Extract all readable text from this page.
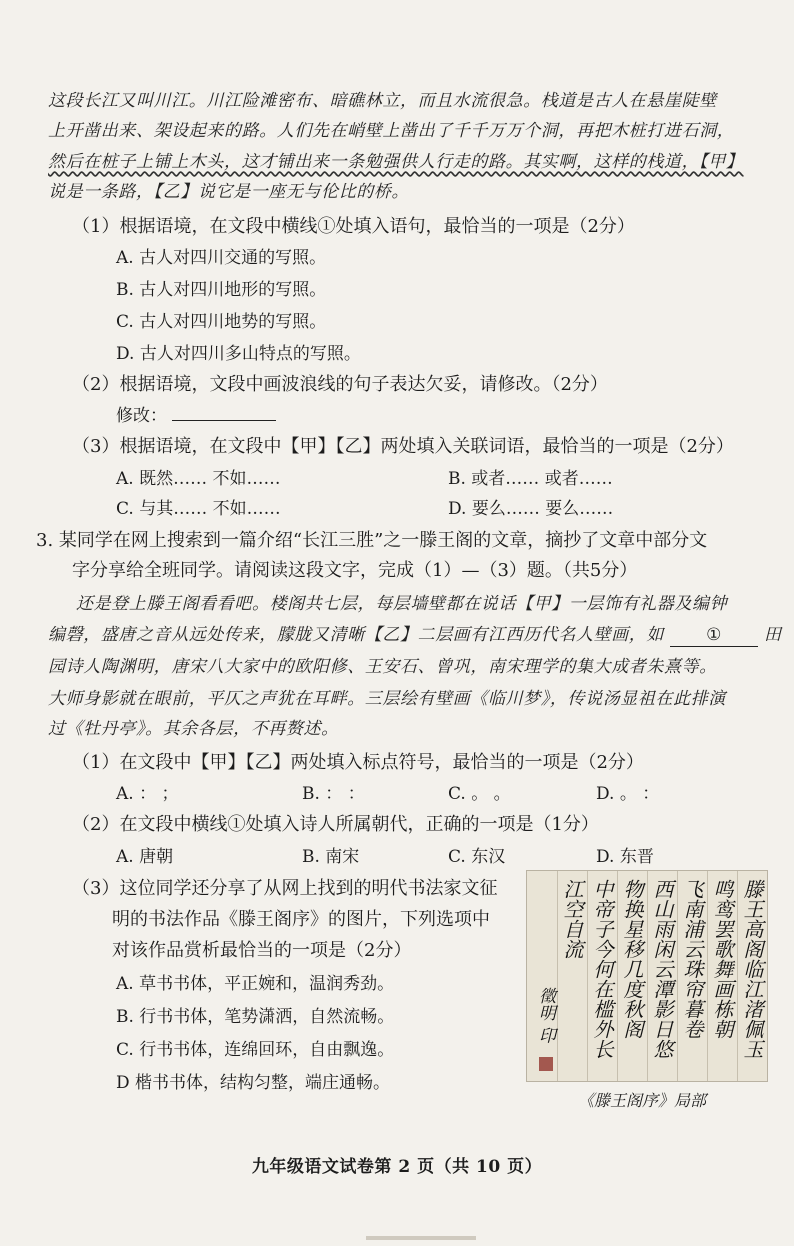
这段长江又叫川江。川江险滩密布、暗礁林立，而且水流很急。栈道是古人在悬崖陡壁
上开凿出来、架设起来的路。人们先在峭壁上凿出了千千万万个洞，再把木桩打进石洞，
然后在桩子上铺上木头，这才铺出来一条勉强供人行走的路。其实啊，这样的栈道，【甲】
说是一条路，【乙】说它是一座无与伦比的桥。
（1）根据语境，在文段中横线①处填入语句，最恰当的一项是（2分）
A. 古人对四川交通的写照。
B. 古人对四川地形的写照。
C. 古人对四川地势的写照。
D. 古人对四川多山特点的写照。
（2）根据语境，文段中画波浪线的句子表达欠妥，请修改。（2分）
修改：
（3）根据语境，在文段中【甲】【乙】两处填入关联词语，最恰当的一项是（2分）
A. 既然…… 不如……	B. 或者…… 或者……
C. 与其…… 不如……	D. 要么…… 要么……
3. 某同学在网上搜索到一篇介绍“长江三胜”之一滕王阁的文章，摘抄了文章中部分文
字分享给全班同学。请阅读这段文字，完成（1）—（3）题。（共5分）
还是登上滕王阁看看吧。楼阁共七层，每层墙壁都在说话【甲】一层饰有礼器及编钟
编磬，盛唐之音从远处传来，朦胧又清晰【乙】二层画有江西历代名人壁画，如 ① 田
园诗人陶渊明，唐宋八大家中的欧阳修、王安石、曾巩，南宋理学的集大成者朱熹等。
大师身影就在眼前，平仄之声犹在耳畔。三层绘有壁画《临川梦》，传说汤显祖在此排演
过《牡丹亭》。其余各层，不再赘述。
（1）在文段中【甲】【乙】两处填入标点符号，最恰当的一项是（2分）
A. ： ；	B. ： ：	C. 。 。	D. 。 ：
（2）在文段中横线①处填入诗人所属朝代，正确的一项是（1分）
A. 唐朝	B. 南宋	C. 东汉	D. 东晋
（3）这位同学还分享了从网上找到的明代书法家文征
明的书法作品《滕王阁序》的图片，下列选项中
对该作品赏析最恰当的一项是（2分）
A. 草书书体，平正婉和，温润秀劲。
B. 行书书体，笔势潇洒，自然流畅。
C. 行书书体，连绵回环，自由飘逸。
D 楷书书体，结构匀整，端庄通畅。
滕王高阁临江渚佩玉
鸣鸾罢歌舞画栋朝
飞南浦云珠帘暮卷
西山雨闲云潭影日悠
物换星移几度秋阁
中帝子今何在槛外长
江空自流
徵明 印
《滕王阁序》局部
九年级语文试卷第 2 页（共 10 页）
